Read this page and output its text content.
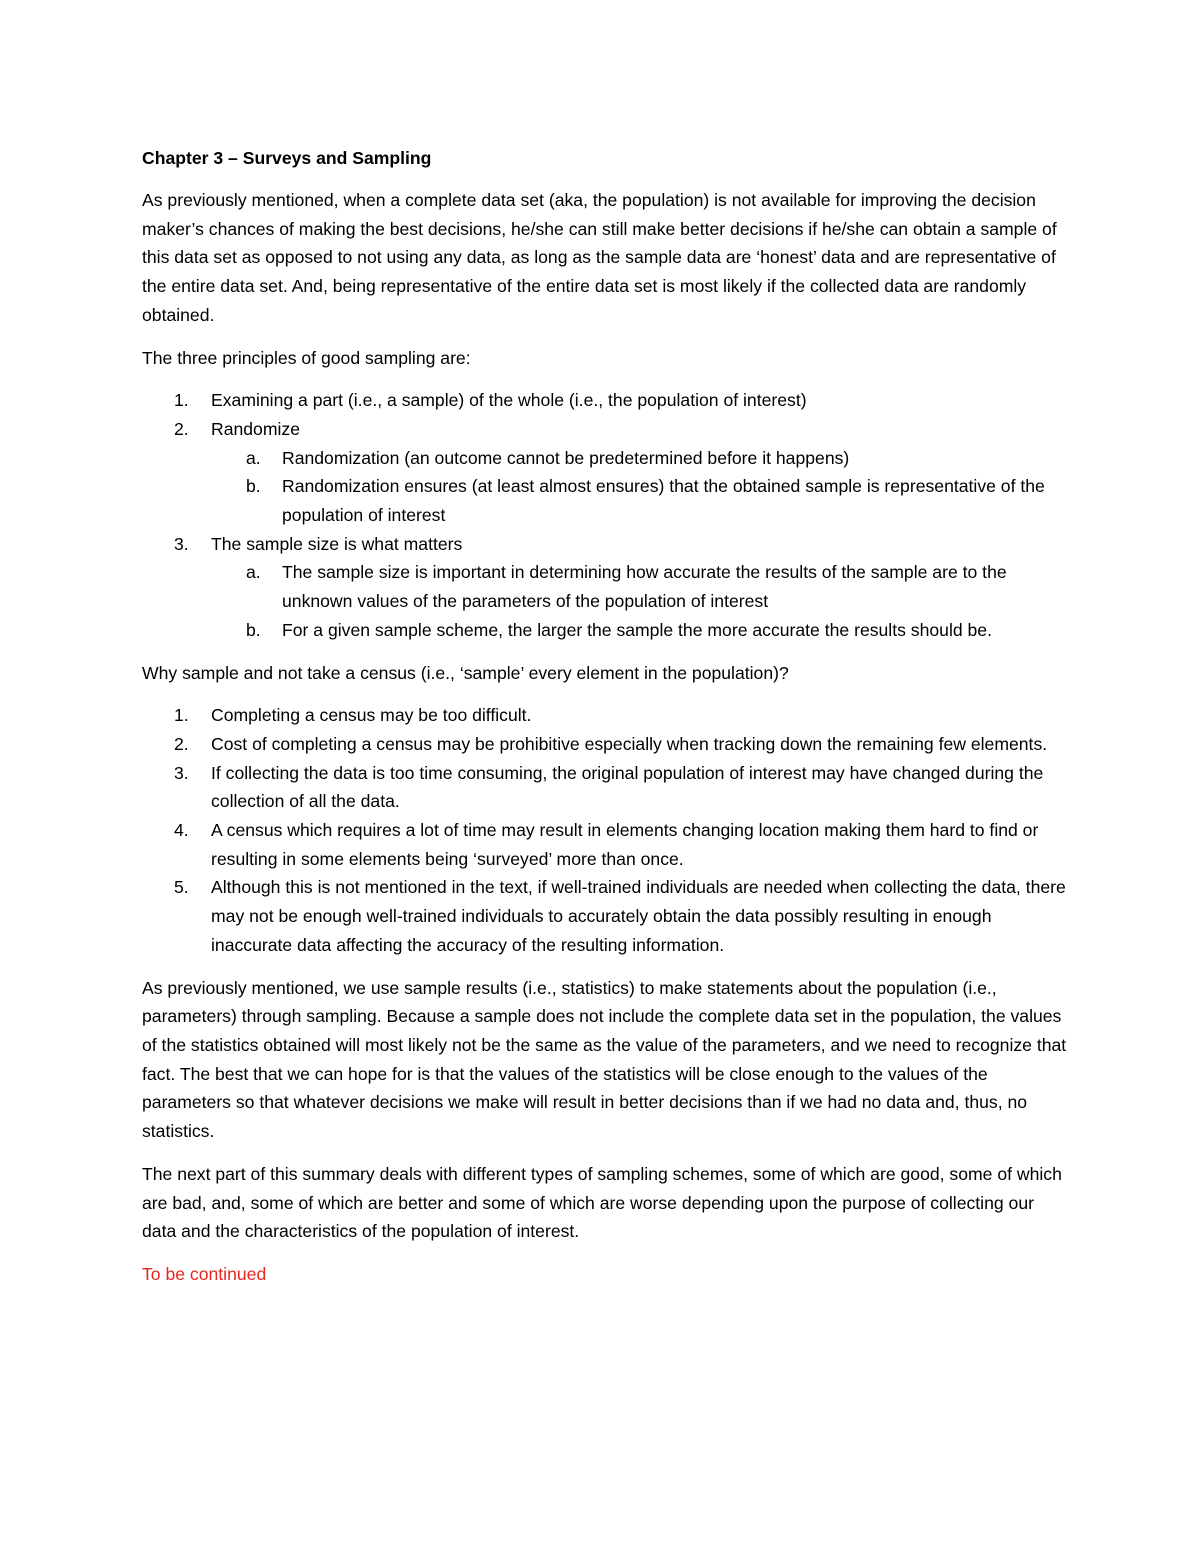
Chapter 3 – Surveys and Sampling

As previously mentioned, when a complete data set (aka, the population) is not available for improving the decision maker’s chances of making the best decisions, he/she can still make better decisions if he/she can obtain a sample of this data set as opposed to not using any data, as long as the sample data are ‘honest’ data and are representative of the entire data set. And, being representative of the entire data set is most likely if the collected data are randomly obtained.

The three principles of good sampling are:

1. Examining a part (i.e., a sample) of the whole (i.e., the population of interest)
2. Randomize
a. Randomization (an outcome cannot be predetermined before it happens)
b. Randomization ensures (at least almost ensures) that the obtained sample is representative of the population of interest
3. The sample size is what matters
a. The sample size is important in determining how accurate the results of the sample are to the unknown values of the parameters of the population of interest
b. For a given sample scheme, the larger the sample the more accurate the results should be.

Why sample and not take a census (i.e., ‘sample’ every element in the population)?

1. Completing a census may be too difficult.
2. Cost of completing a census may be prohibitive especially when tracking down the remaining few elements.
3. If collecting the data is too time consuming, the original population of interest may have changed during the collection of all the data.
4. A census which requires a lot of time may result in elements changing location making them hard to find or resulting in some elements being ‘surveyed’ more than once.
5. Although this is not mentioned in the text, if well-trained individuals are needed when collecting the data, there may not be enough well-trained individuals to accurately obtain the data possibly resulting in enough inaccurate data affecting the accuracy of the resulting information.

As previously mentioned, we use sample results (i.e., statistics) to make statements about the population (i.e., parameters) through sampling. Because a sample does not include the complete data set in the population, the values of the statistics obtained will most likely not be the same as the value of the parameters, and we need to recognize that fact. The best that we can hope for is that the values of the statistics will be close enough to the values of the parameters so that whatever decisions we make will result in better decisions than if we had no data and, thus, no statistics.

The next part of this summary deals with different types of sampling schemes, some of which are good, some of which are bad, and, some of which are better and some of which are worse depending upon the purpose of collecting our data and the characteristics of the population of interest.

To be continued
